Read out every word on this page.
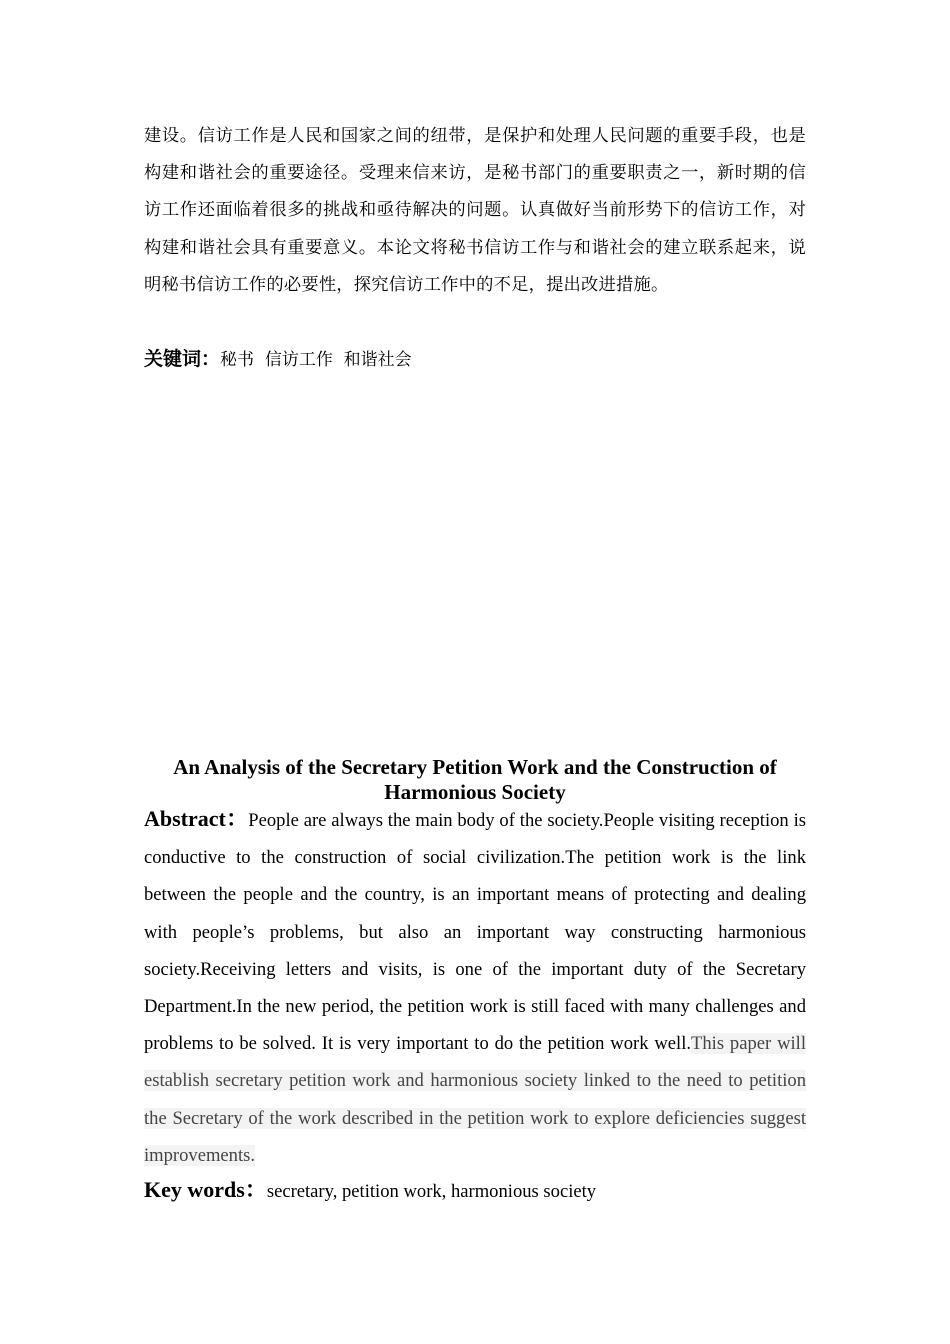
建设。信访工作是人民和国家之间的纽带，是保护和处理人民问题的重要手段，也是构建和谐社会的重要途径。受理来信来访，是秘书部门的重要职责之一，新时期的信访工作还面临着很多的挑战和亟待解决的问题。认真做好当前形势下的信访工作，对构建和谐社会具有重要意义。本论文将秘书信访工作与和谐社会的建立联系起来，说明秘书信访工作的必要性，探究信访工作中的不足，提出改进措施。
关键词：秘书  信访工作  和谐社会
An Analysis of the Secretary Petition Work and the Construction of Harmonious Society
Abstract：People are always the main body of the society.People visiting reception is conductive to the construction of social civilization.The petition work is the link between the people and the country, is an important means of protecting and dealing with people’s problems, but also an important way constructing harmonious society.Receiving letters and visits, is one of the important duty of the Secretary Department.In the new period, the petition work is still faced with many challenges and problems to be solved. It is very important to do the petition work well.This paper will establish secretary petition work and harmonious society linked to the need to petition the Secretary of the work described in the petition work to explore deficiencies suggest improvements.
Key words：secretary, petition work, harmonious society
